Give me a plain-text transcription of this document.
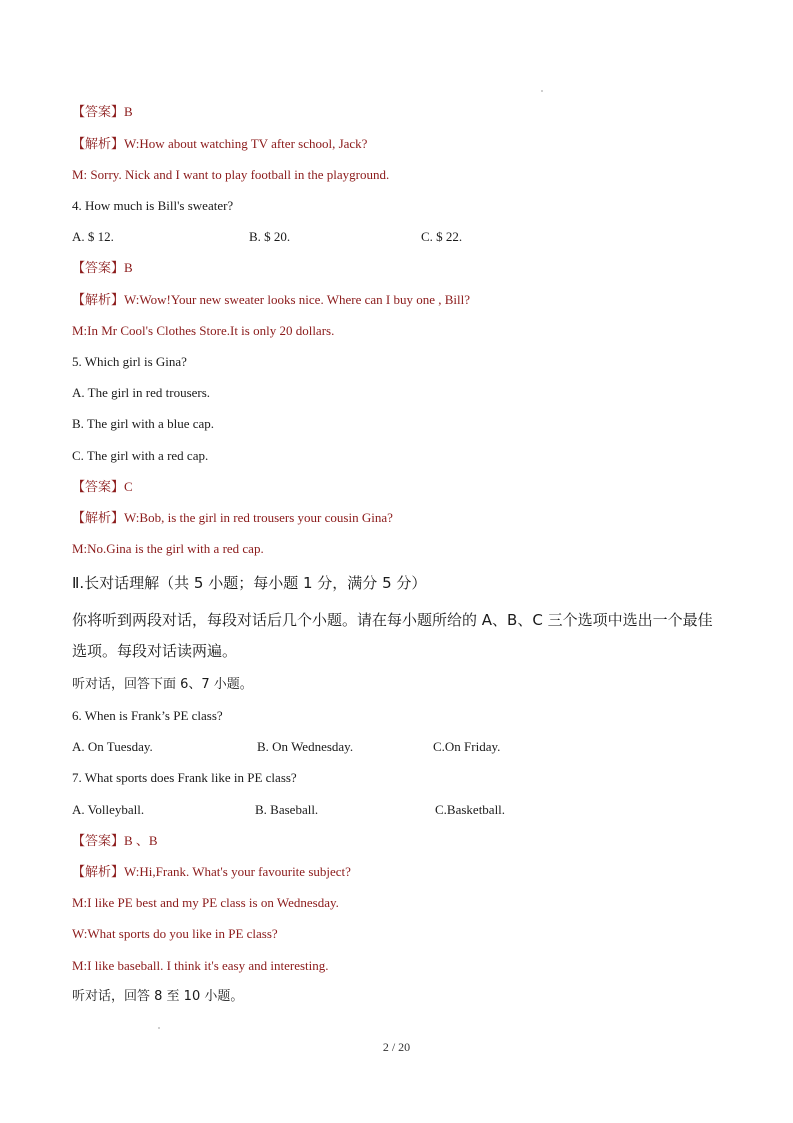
【答案】B
【解析】W:How about watching TV after school, Jack?
M: Sorry. Nick and I want to play football in the playground.
4. How much is Bill's sweater?
A. $ 12.	B. $ 20.	C. $ 22.
【答案】B
【解析】W:Wow!Your new sweater looks nice. Where can I buy one , Bill?
M:In Mr Cool's Clothes Store.It is only 20 dollars.
5. Which girl is Gina?
A. The girl in red trousers.
B. The girl with a blue cap.
C. The girl with a red cap.
【答案】C
【解析】W:Bob, is the girl in red trousers your cousin Gina?
M:No.Gina is the girl with a red cap.
Ⅱ.长对话理解（共 5 小题；每小题 1 分，满分 5 分）
你将听到两段对话，每段对话后几个小题。请在每小题所给的 A、B、C 三个选项中选出一个最佳选项。每段对话读两遍。
听对话，回答下面 6、7 小题。
6. When is Frank’s PE class?
A. On Tuesday.	B. On Wednesday.	C.On Friday.
7. What sports does Frank like in PE class?
A. Volleyball.	B. Baseball.	C.Basketball.
【答案】B 、B
【解析】W:Hi,Frank. What's your favourite subject?
M:I like PE best and my PE class is on Wednesday.
W:What sports do you like in PE class?
M:I like baseball. I think it's easy and interesting.
听对话，回答 8 至 10 小题。
2 / 20
